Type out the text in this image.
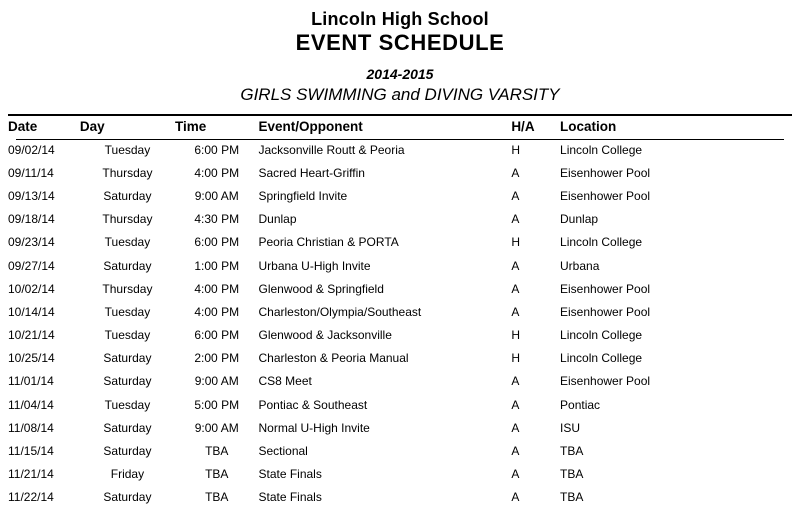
Lincoln High School
EVENT SCHEDULE
2014-2015
GIRLS SWIMMING and DIVING VARSITY
Date	Day	Time	Event/Opponent	H/A	Location
09/02/14	Tuesday	6:00 PM	Jacksonville Routt & Peoria	H	Lincoln College
09/11/14	Thursday	4:00 PM	Sacred Heart-Griffin	A	Eisenhower Pool
09/13/14	Saturday	9:00 AM	Springfield Invite	A	Eisenhower Pool
09/18/14	Thursday	4:30 PM	Dunlap	A	Dunlap
09/23/14	Tuesday	6:00 PM	Peoria Christian & PORTA	H	Lincoln College
09/27/14	Saturday	1:00 PM	Urbana U-High Invite	A	Urbana
10/02/14	Thursday	4:00 PM	Glenwood & Springfield	A	Eisenhower Pool
10/14/14	Tuesday	4:00 PM	Charleston/Olympia/Southeast	A	Eisenhower Pool
10/21/14	Tuesday	6:00 PM	Glenwood & Jacksonville	H	Lincoln College
10/25/14	Saturday	2:00 PM	Charleston & Peoria Manual	H	Lincoln College
11/01/14	Saturday	9:00 AM	CS8 Meet	A	Eisenhower Pool
11/04/14	Tuesday	5:00 PM	Pontiac & Southeast	A	Pontiac
11/08/14	Saturday	9:00 AM	Normal U-High Invite	A	ISU
11/15/14	Saturday	TBA	Sectional	A	TBA
11/21/14	Friday	TBA	State Finals	A	TBA
11/22/14	Saturday	TBA	State Finals	A	TBA
